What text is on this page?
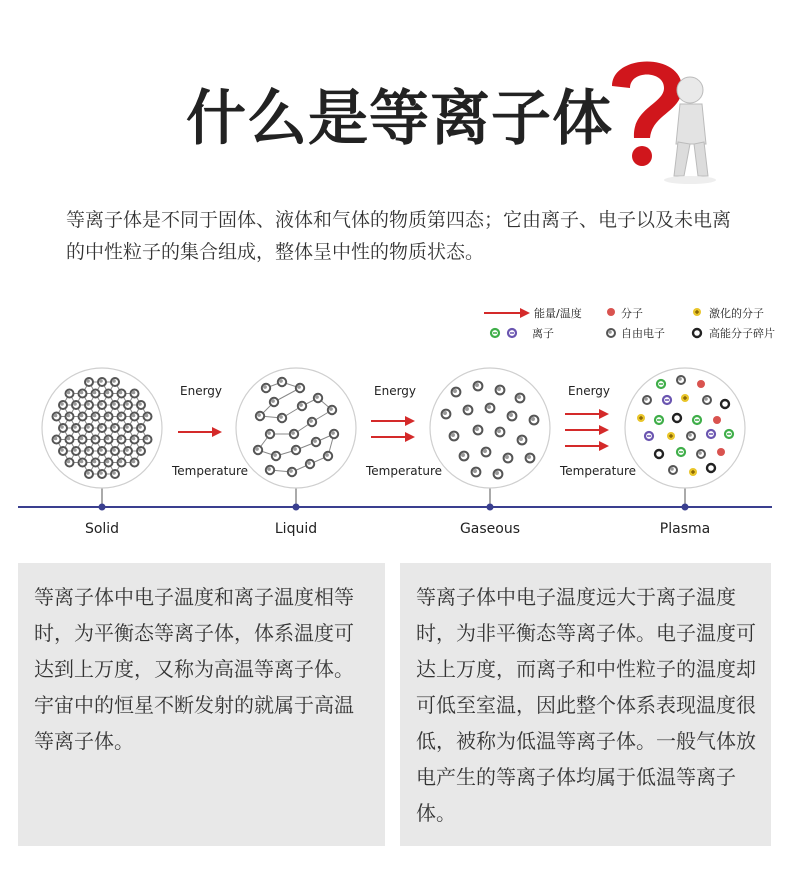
什么是等离子体
等离子体是不同于固体、液体和气体的物质第四态；它由离子、电子以及未电离的中性粒子的集合组成，整体呈中性的物质状态。
能量/温度	分子	激化的分子
离子	自由电子	高能分子碎片
Solid	Liquid	Gaseous	Plasma
Energy
Temperature
Energy
Temperature
Energy
Temperature
等离子体中电子温度和离子温度相等时，为平衡态等离子体，体系温度可达到上万度，又称为高温等离子体。宇宙中的恒星不断发射的就属于高温等离子体。
等离子体中电子温度远大于离子温度时，为非平衡态等离子体。电子温度可达上万度，而离子和中性粒子的温度却可低至室温，因此整个体系表现温度很低，被称为低温等离子体。一般气体放电产生的等离子体均属于低温等离子体。
